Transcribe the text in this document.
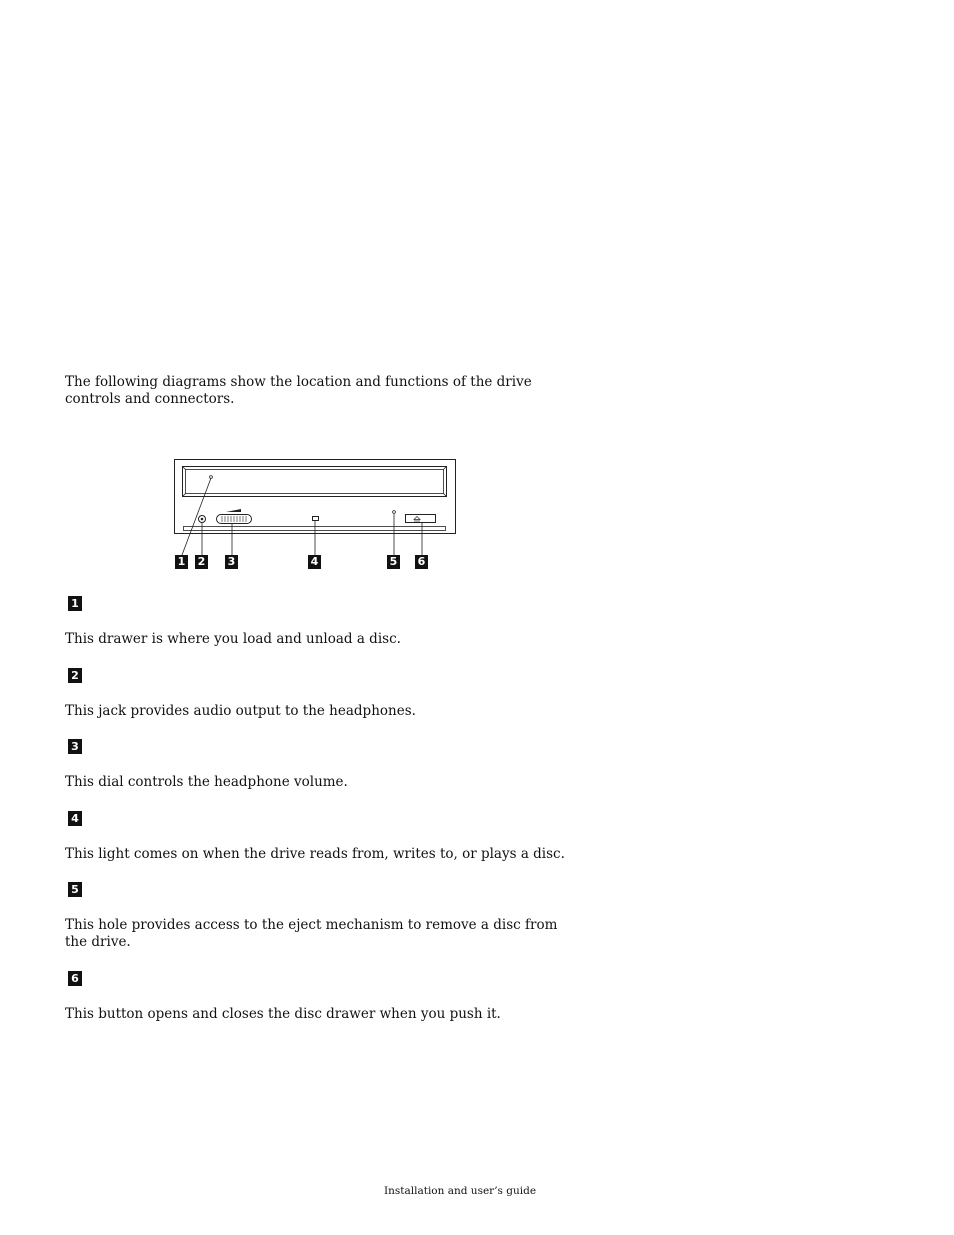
The following diagrams show the location and functions of the drive controls and connectors.

1 2 3	4	5 6
1

This drawer is where you load and unload a disc.

2

This jack provides audio output to the headphones.

3

This dial controls the headphone volume.

4

This light comes on when the drive reads from, writes to, or plays a disc.

5

This hole provides access to the eject mechanism to remove a disc from the drive.

6

This button opens and closes the disc drawer when you push it.

Installation and user’s guide
